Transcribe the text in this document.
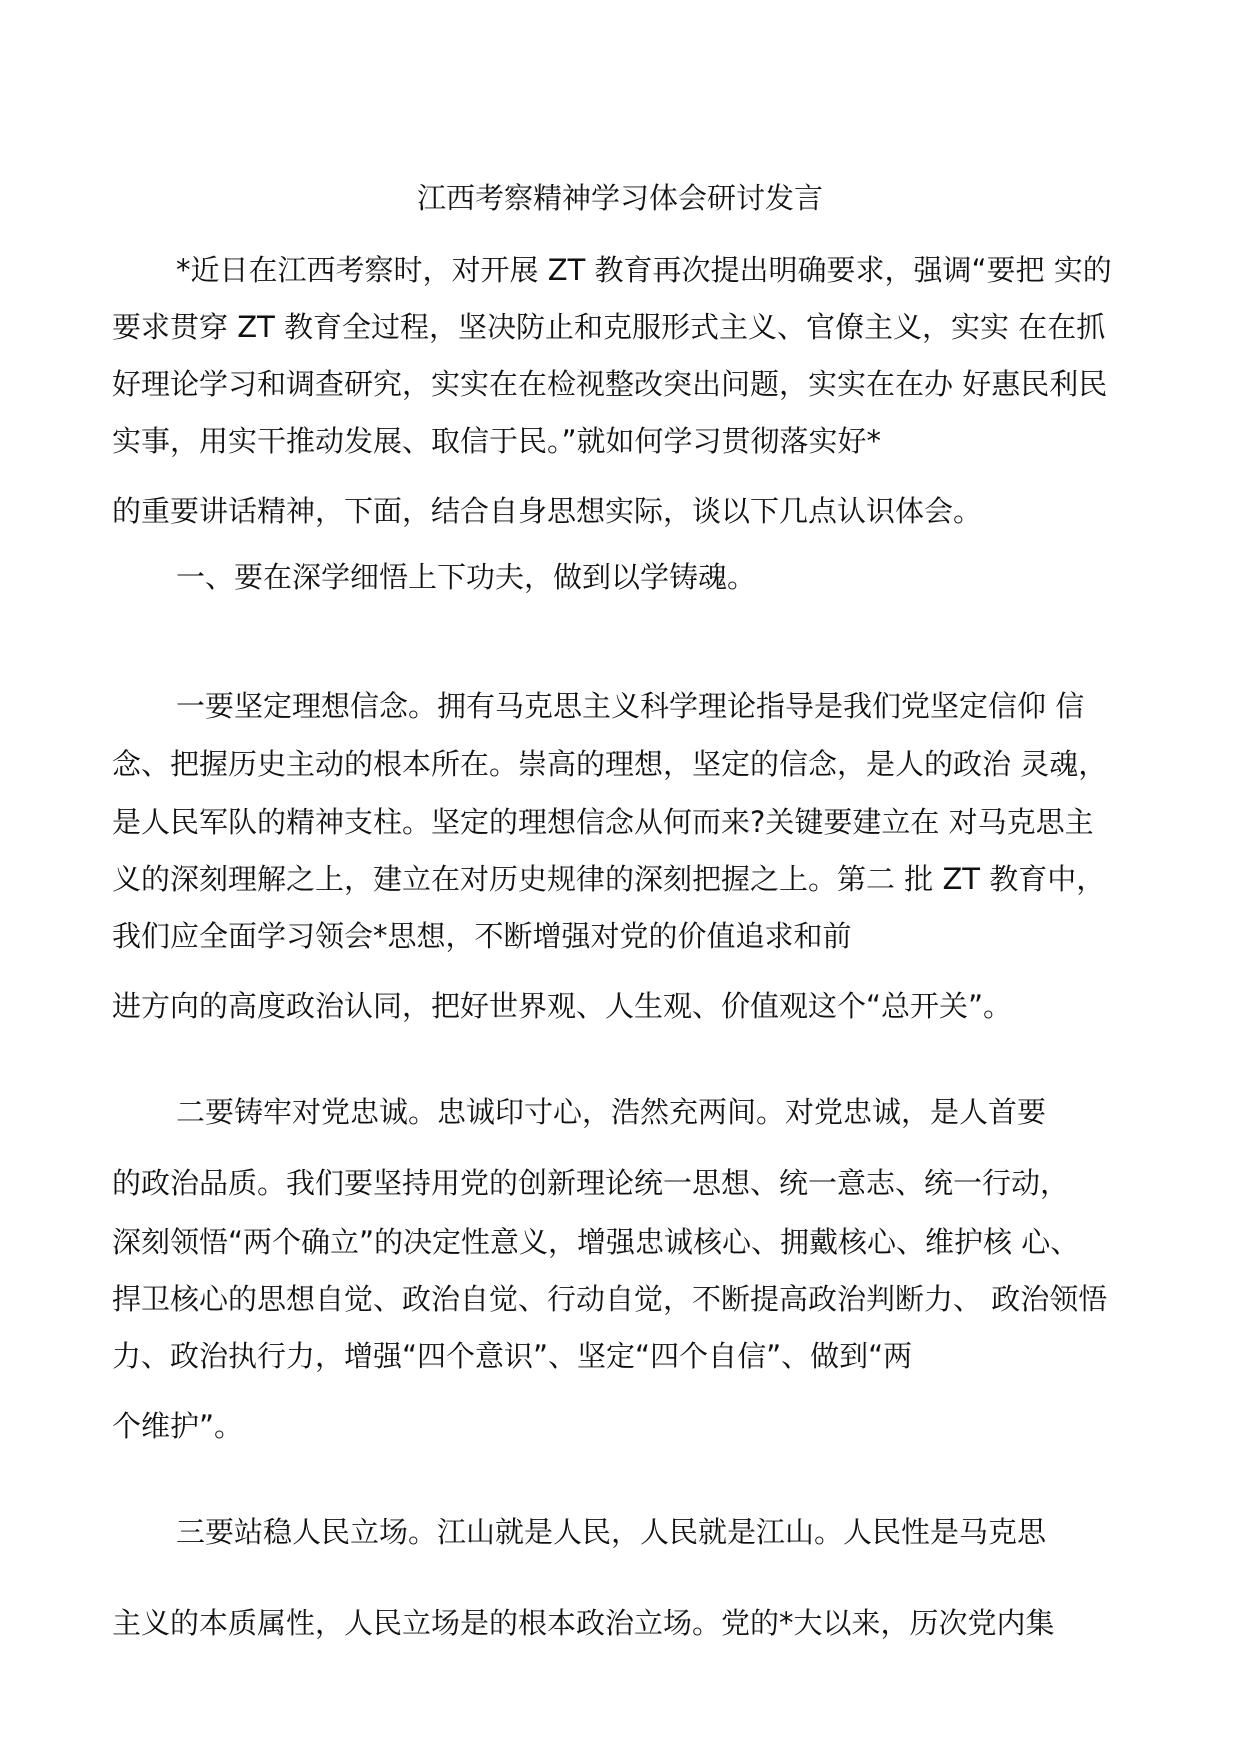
江西考察精神学习体会研讨发言
*近日在江西考察时，对开展 ZT 教育再次提出明确要求，强调“要把 实的
要求贯穿 ZT 教育全过程，坚决防止和克服形式主义、官僚主义，实实 在在抓
好理论学习和调查研究，实实在在检视整改突出问题，实实在在办 好惠民利民
实事，用实干推动发展、取信于民。”就如何学习贯彻落实好*
的重要讲话精神，下面，结合自身思想实际，谈以下几点认识体会。
一、要在深学细悟上下功夫，做到以学铸魂。
一要坚定理想信念。拥有马克思主义科学理论指导是我们党坚定信仰 信
念、把握历史主动的根本所在。崇高的理想，坚定的信念，是人的政治 灵魂，
是人民军队的精神支柱。坚定的理想信念从何而来?关键要建立在 对马克思主
义的深刻理解之上，建立在对历史规律的深刻把握之上。第二 批 ZT 教育中，
我们应全面学习领会*思想，不断增强对党的价值追求和前
进方向的高度政治认同，把好世界观、人生观、价值观这个“总开关”。
二要铸牢对党忠诚。忠诚印寸心，浩然充两间。对党忠诚，是人首要
的政治品质。我们要坚持用党的创新理论统一思想、统一意志、统一行动，
深刻领悟“两个确立”的决定性意义，增强忠诚核心、拥戴核心、维护核 心、
捍卫核心的思想自觉、政治自觉、行动自觉，不断提高政治判断力、 政治领悟
力、政治执行力，增强“四个意识”、坚定“四个自信”、做到“两
个维护”。
三要站稳人民立场。江山就是人民，人民就是江山。人民性是马克思
主义的本质属性，人民立场是的根本政治立场。党的*大以来，历次党内集
